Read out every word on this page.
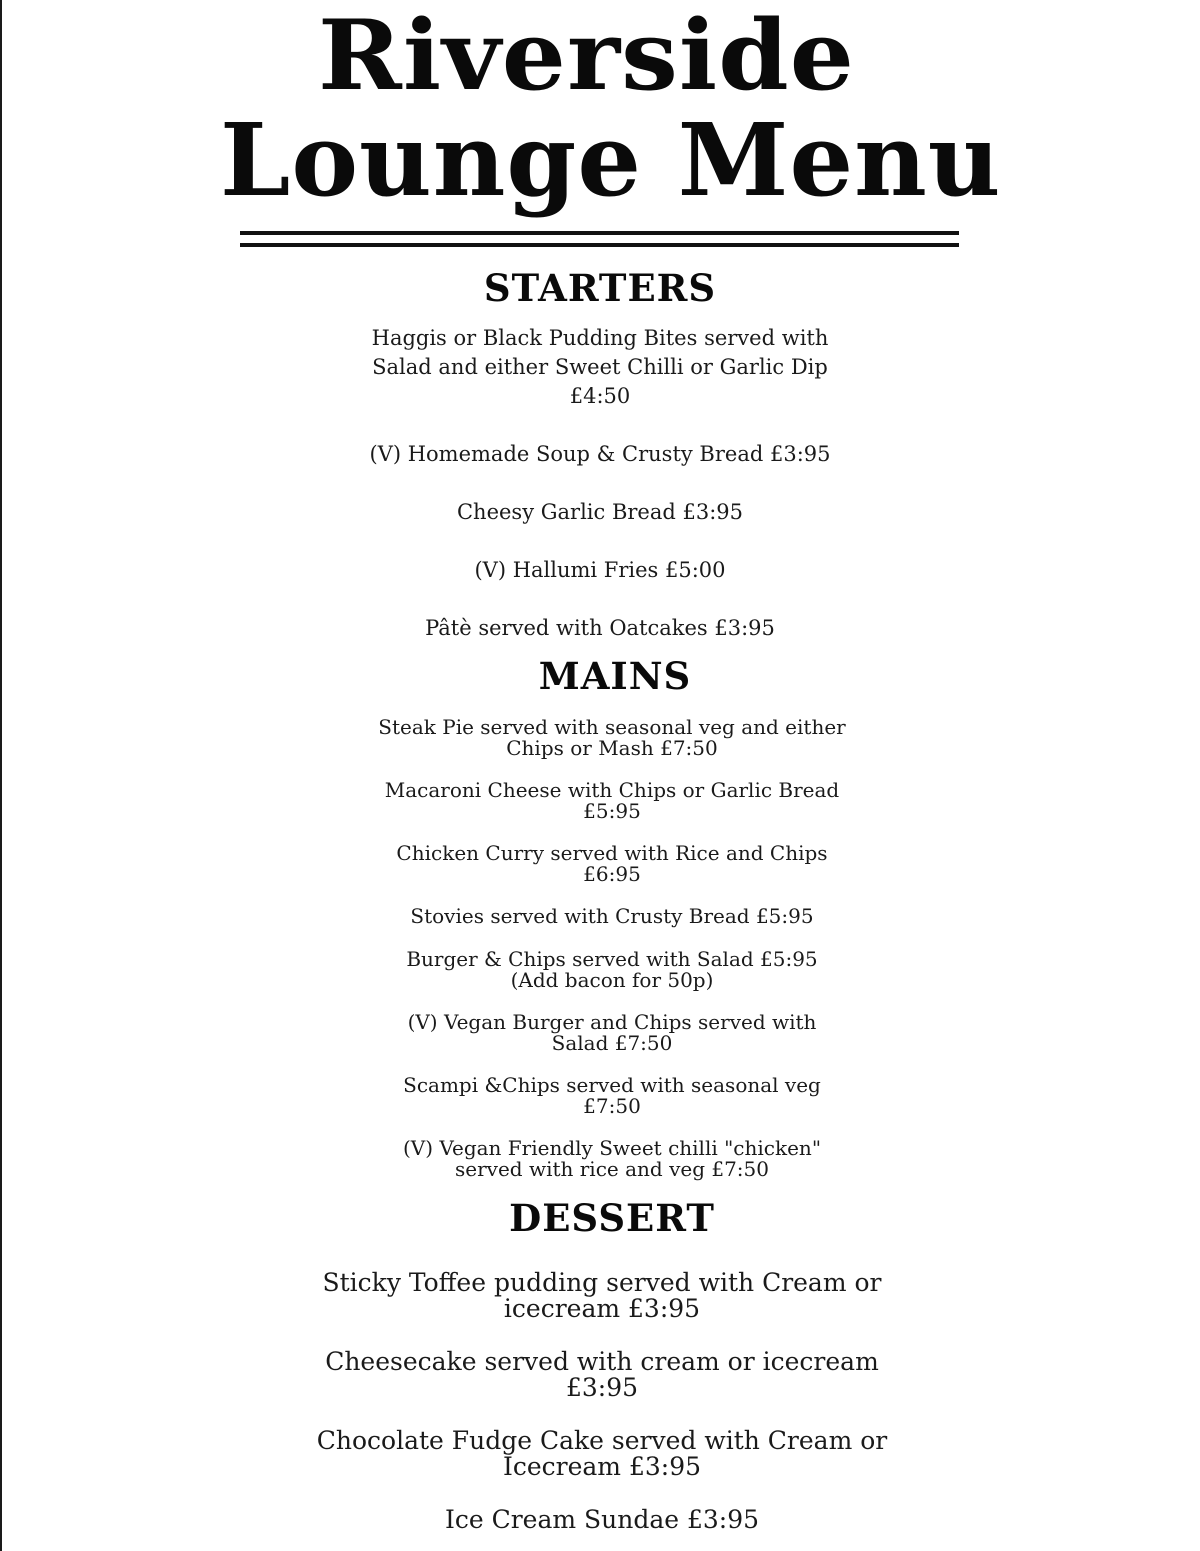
Riverside
Lounge Menu
STARTERS
Haggis or Black Pudding Bites served with
Salad and either Sweet Chilli or Garlic Dip
£4:50
(V) Homemade Soup & Crusty Bread £3:95
Cheesy Garlic Bread £3:95
(V) Hallumi Fries £5:00
Pâtè served with Oatcakes £3:95
MAINS
Steak Pie served with seasonal veg and either
Chips or Mash £7:50
Macaroni Cheese with Chips or Garlic Bread
£5:95
Chicken Curry served with Rice and Chips
£6:95
Stovies served with Crusty Bread £5:95
Burger & Chips served with Salad £5:95
(Add bacon for 50p)
(V) Vegan Burger and Chips served with
Salad £7:50
Scampi &Chips served with seasonal veg
£7:50
(V) Vegan Friendly Sweet chilli "chicken"
served with rice and veg £7:50
DESSERT
Sticky Toffee pudding served with Cream or
icecream £3:95
Cheesecake served with cream or icecream
£3:95
Chocolate Fudge Cake served with Cream or
Icecream £3:95
Ice Cream Sundae £3:95
